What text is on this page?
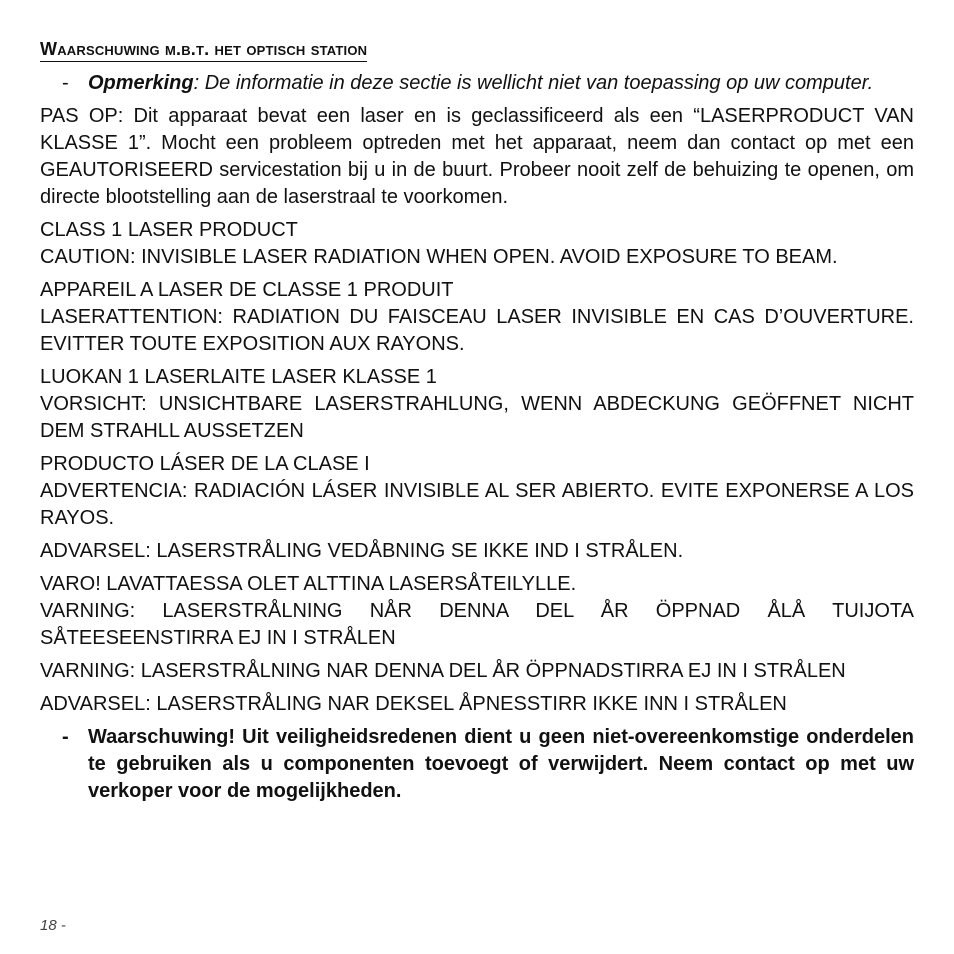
Waarschuwing m.b.t. het optisch station
- Opmerking: De informatie in deze sectie is wellicht niet van toepassing op uw computer.
PAS OP: Dit apparaat bevat een laser en is geclassificeerd als een “LASERPRODUCT VAN KLASSE 1”. Mocht een probleem optreden met het apparaat, neem dan contact op met een GEAUTORISEERD servicestation bij u in de buurt. Probeer nooit zelf de behuizing te openen, om directe blootstelling aan de laserstraal te voorkomen.
CLASS 1 LASER PRODUCT
CAUTION: INVISIBLE LASER RADIATION WHEN OPEN. AVOID EXPOSURE TO BEAM.
APPAREIL A LASER DE CLASSE 1 PRODUIT
LASERATTENTION: RADIATION DU FAISCEAU LASER INVISIBLE EN CAS D’OUVERTURE. EVITTER TOUTE EXPOSITION AUX RAYONS.
LUOKAN 1 LASERLAITE LASER KLASSE 1
VORSICHT: UNSICHTBARE LASERSTRAHLUNG, WENN ABDECKUNG GEÖFFNET NICHT DEM STRAHLL AUSSETZEN
PRODUCTO LÁSER DE LA CLASE I
ADVERTENCIA: RADIACIÓN LÁSER INVISIBLE AL SER ABIERTO. EVITE EXPONERSE A LOS RAYOS.
ADVARSEL: LASERSTRÅLING VEDÅBNING SE IKKE IND I STRÅLEN.
VARO! LAVATTAESSA OLET ALTTINA LASERSÅTEILYLLE.
VARNING: LASERSTRÅLNING NÅR DENNA DEL ÅR ÖPPNAD ÅLÅ TUIJOTA SÅTEESEENSTIRRA EJ IN I STRÅLEN
VARNING: LASERSTRÅLNING NAR DENNA DEL ÅR ÖPPNADSTIRRA EJ IN I STRÅLEN
ADVARSEL: LASERSTRÅLING NAR DEKSEL ÅPNESSTIRR IKKE INN I STRÅLEN
- Waarschuwing! Uit veiligheidsredenen dient u geen niet-overeenkomstige onderdelen te gebruiken als u componenten toevoegt of verwijdert. Neem contact op met uw verkoper voor de mogelijkheden.
18 -
